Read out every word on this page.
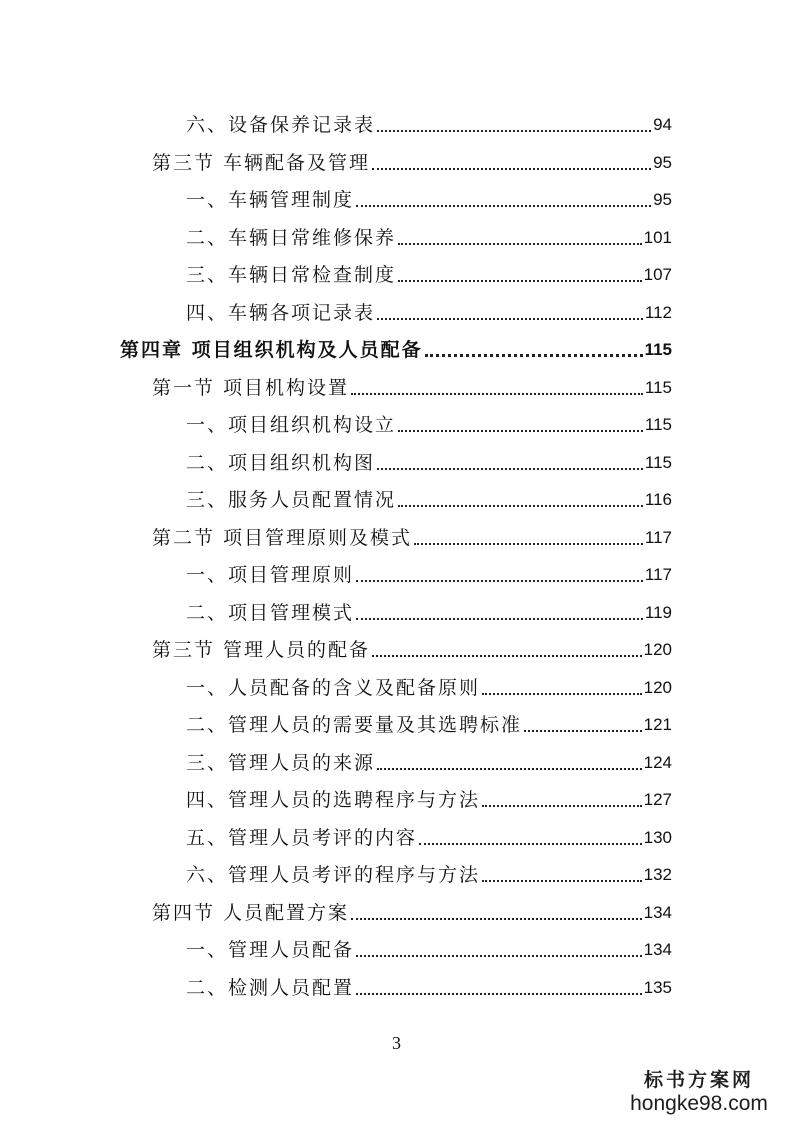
六、设备保养记录表	94
第三节 车辆配备及管理	95
一、车辆管理制度	95
二、车辆日常维修保养	101
三、车辆日常检查制度	107
四、车辆各项记录表	112
第四章 项目组织机构及人员配备	115
第一节 项目机构设置	115
一、项目组织机构设立	115
二、项目组织机构图	115
三、服务人员配置情况	116
第二节 项目管理原则及模式	117
一、项目管理原则	117
二、项目管理模式	119
第三节 管理人员的配备	120
一、人员配备的含义及配备原则	120
二、管理人员的需要量及其选聘标准	121
三、管理人员的来源	124
四、管理人员的选聘程序与方法	127
五、管理人员考评的内容	130
六、管理人员考评的程序与方法	132
第四节 人员配置方案	134
一、管理人员配备	134
二、检测人员配置	135
3
标书方案网
hongke98.com
